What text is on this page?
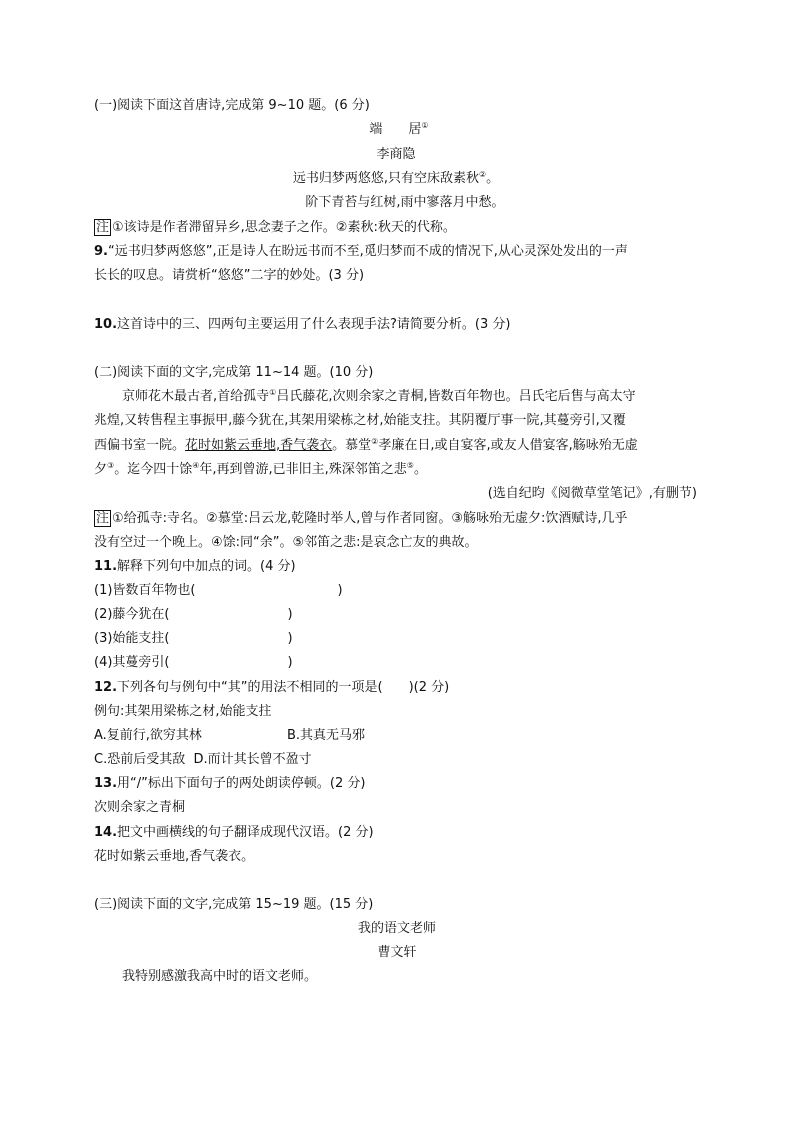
(一)阅读下面这首唐诗,完成第 9~10 题。(6 分)
端　　居①
李商隐
远书归梦两悠悠,只有空床敌素秋②。
阶下青苔与红树,雨中寥落月中愁。
注 ①该诗是作者滞留异乡,思念妻子之作。②素秋:秋天的代称。
9.“远书归梦两悠悠”,正是诗人在盼远书而不至,觅归梦而不成的情况下,从心灵深处发出的一声
长长的叹息。请赏析“悠悠”二字的妙处。(3 分)
10.这首诗中的三、四两句主要运用了什么表现手法?请简要分析。(3 分)
(二)阅读下面的文字,完成第 11~14 题。(10 分)
京师花木最古者,首给孤寺①吕氏藤花,次则余家之青桐,皆数百年物也。吕氏宅后售与高太守
兆煌,又转售程主事振甲,藤今犹在,其架用梁栋之材,始能支拄。其阴覆厅事一院,其蔓旁引,又覆
西偏书室一院。花时如紫云垂地,香气袭衣。慕堂②孝廉在日,或自宴客,或友人借宴客,觞咏殆无虚
夕③。迄今四十馀④年,再到曾游,已非旧主,殊深邻笛之悲⑤。
(选自纪昀《阅微草堂笔记》,有删节)
注 ①给孤寺:寺名。②慕堂:吕云龙,乾隆时举人,曾与作者同窗。③觞咏殆无虚夕:饮酒赋诗,几乎
没有空过一个晚上。④馀:同“余”。⑤邻笛之悲:是哀念亡友的典故。
11.解释下列句中加点的词。(4 分)
(1)皆数百年物也(	)
(2)藤今犹在(	)
(3)始能支拄(	)
(4)其蔓旁引(	)
12.下列各句与例句中“其”的用法不相同的一项是(　　)(2 分)
例句:其架用梁栋之材,始能支拄
A.复前行,欲穷其林	B.其真无马邪
C.恐前后受其敌 D.而计其长曾不盈寸
13.用“/”标出下面句子的两处朗读停顿。(2 分)
次则余家之青桐
14.把文中画横线的句子翻译成现代汉语。(2 分)
花时如紫云垂地,香气袭衣。
(三)阅读下面的文字,完成第 15~19 题。(15 分)
我的语文老师
曹文轩
我特别感激我高中时的语文老师。
